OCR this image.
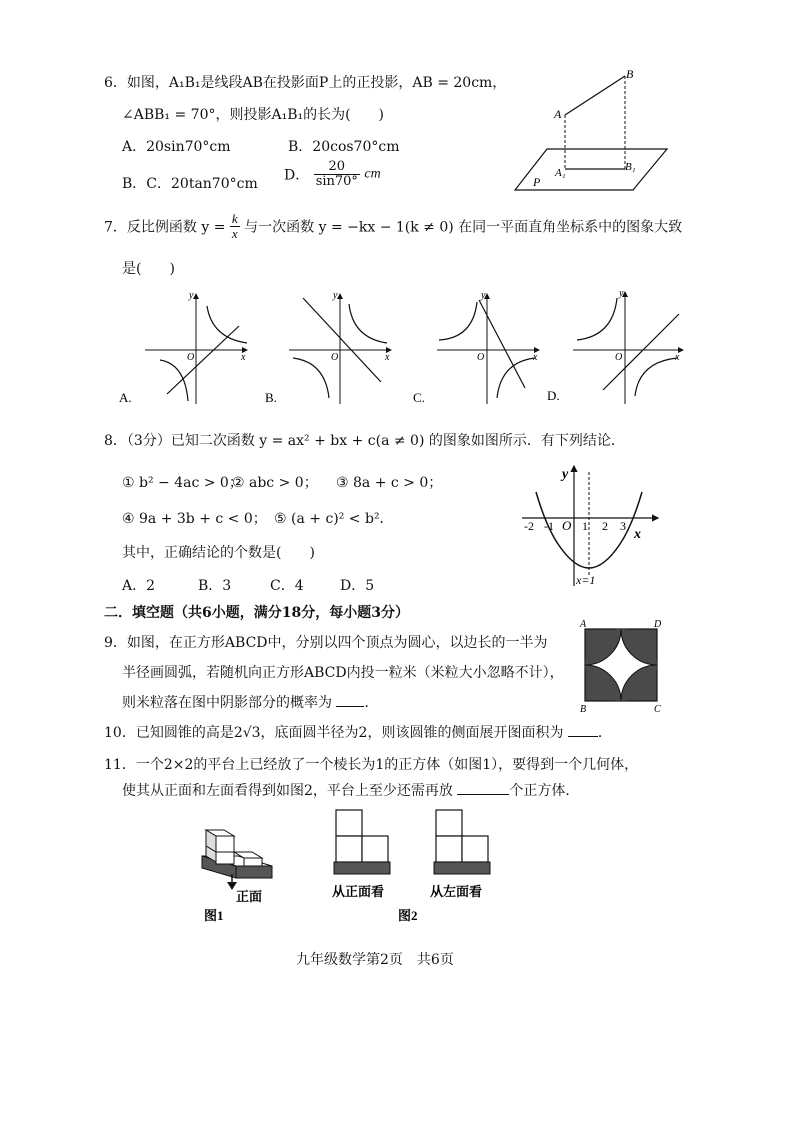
6．如图，A₁B₁是线段AB在投影面P上的正投影，AB = 20cm，
∠ABB₁ = 70°，则投影A₁B₁的长为(　　)
A．20sin70°cm	B．20cos70°cm
B．C．20tan70°cm
D． $\frac{20}{\sin 70^\circ}$ cm
A
B
A₁	B₁
P
7．反比例函数 $y = \frac{k}{x}$ 与一次函数 y = −kx − 1(k ≠ 0) 在同一平面直角坐标系中的图象大致
是(　　)
y
x
O
A.
y
x
O
B.
y
x
O
C.
y
x
O
D.
8．（3分）已知二次函数 y = ax² + bx + c(a ≠ 0) 的图象如图所示．有下列结论．
① b² − 4ac > 0；
② abc > 0； ③ 8a + c > 0；
④ 9a + 3b + c < 0； ⑤ (a + c)² < b²．
其中，正确结论的个数是(　　)
A．2	B．3	C．4	D．5
y
x
-2 -1 O 1 2 3
x=1
二．填空题（共6小题，满分18分，每小题3分）
9．如图，在正方形ABCD中，分别以四个顶点为圆心，以边长的一半为
半径画圆弧，若随机向正方形ABCD内投一粒米（米粒大小忽略不计），
则米粒落在图中阴影部分的概率为 ．
A	D
B	C
10．已知圆锥的高是2√3，底面圆半径为2，则该圆锥的侧面展开图面积为 ．
11．一个2×2的平台上已经放了一个棱长为1的正方体（如图1），要得到一个几何体，
使其从正面和左面看得到如图2，平台上至少还需再放	个正方体．
正面
图1
从正面看	从左面看
图2
九年级数学第2页　共6页
